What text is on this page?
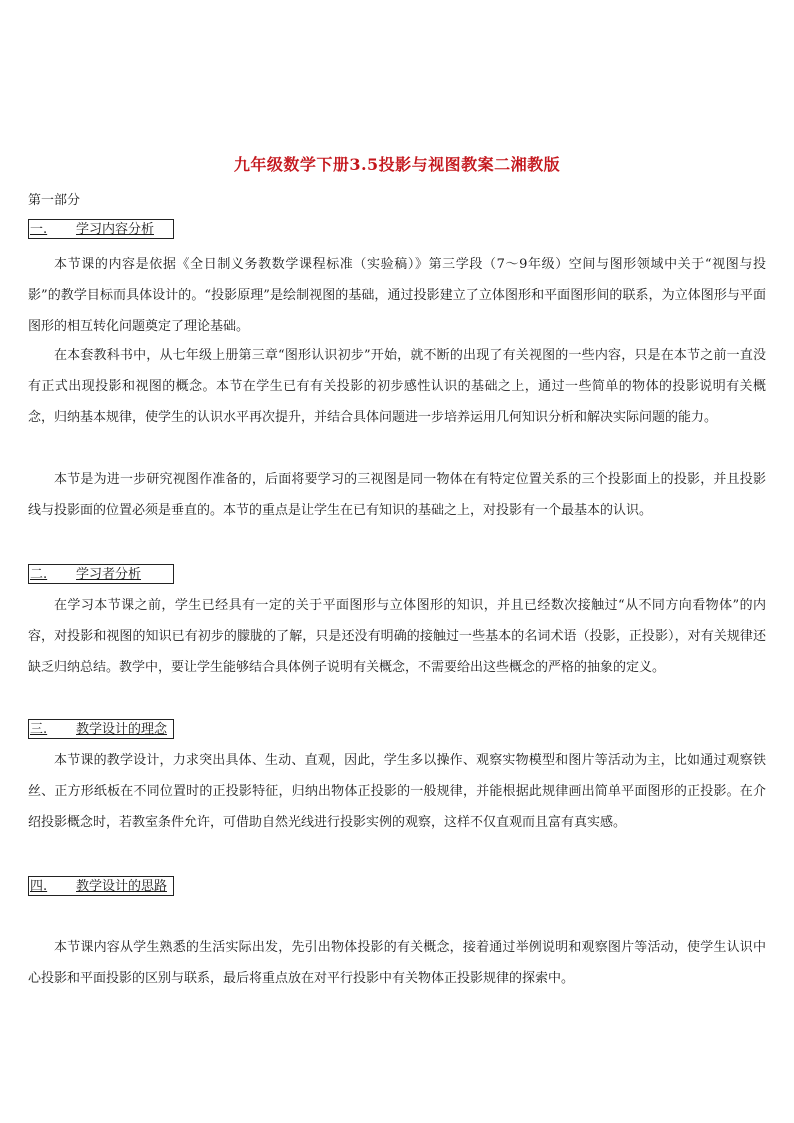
九年级数学下册3.5投影与视图教案二湘教版
第一部分
一. 学习内容分析

本节课的内容是依据《全日制义务教数学课程标准（实验稿）》第三学段（7～9年级）空间与图形领域中关于“视图与投影”的教学目标而具体设计的。“投影原理”是绘制视图的基础，通过投影建立了立体图形和平面图形间的联系，为立体图形与平面图形的相互转化问题奠定了理论基础。

在本套教科书中，从七年级上册第三章“图形认识初步”开始，就不断的出现了有关视图的一些内容，只是在本节之前一直没有正式出现投影和视图的概念。本节在学生已有有关投影的初步感性认识的基础之上，通过一些简单的物体的投影说明有关概念，归纳基本规律，使学生的认识水平再次提升，并结合具体问题进一步培养运用几何知识分析和解决实际问题的能力。

本节是为进一步研究视图作准备的，后面将要学习的三视图是同一物体在有特定位置关系的三个投影面上的投影，并且投影线与投影面的位置必须是垂直的。本节的重点是让学生在已有知识的基础之上，对投影有一个最基本的认识。

二. 学习者分析

在学习本节课之前，学生已经具有一定的关于平面图形与立体图形的知识，并且已经数次接触过“从不同方向看物体”的内容，对投影和视图的知识已有初步的朦胧的了解，只是还没有明确的接触过一些基本的名词术语（投影，正投影），对有关规律还缺乏归纳总结。教学中，要让学生能够结合具体例子说明有关概念，不需要给出这些概念的严格的抽象的定义。

三. 教学设计的理念

本节课的教学设计，力求突出具体、生动、直观，因此，学生多以操作、观察实物模型和图片等活动为主，比如通过观察铁丝、正方形纸板在不同位置时的正投影特征，归纳出物体正投影的一般规律，并能根据此规律画出简单平面图形的正投影。在介绍投影概念时，若教室条件允许，可借助自然光线进行投影实例的观察，这样不仅直观而且富有真实感。

四. 教学设计的思路

本节课内容从学生熟悉的生活实际出发，先引出物体投影的有关概念，接着通过举例说明和观察图片等活动，使学生认识中心投影和平面投影的区别与联系，最后将重点放在对平行投影中有关物体正投影规律的探索中。
